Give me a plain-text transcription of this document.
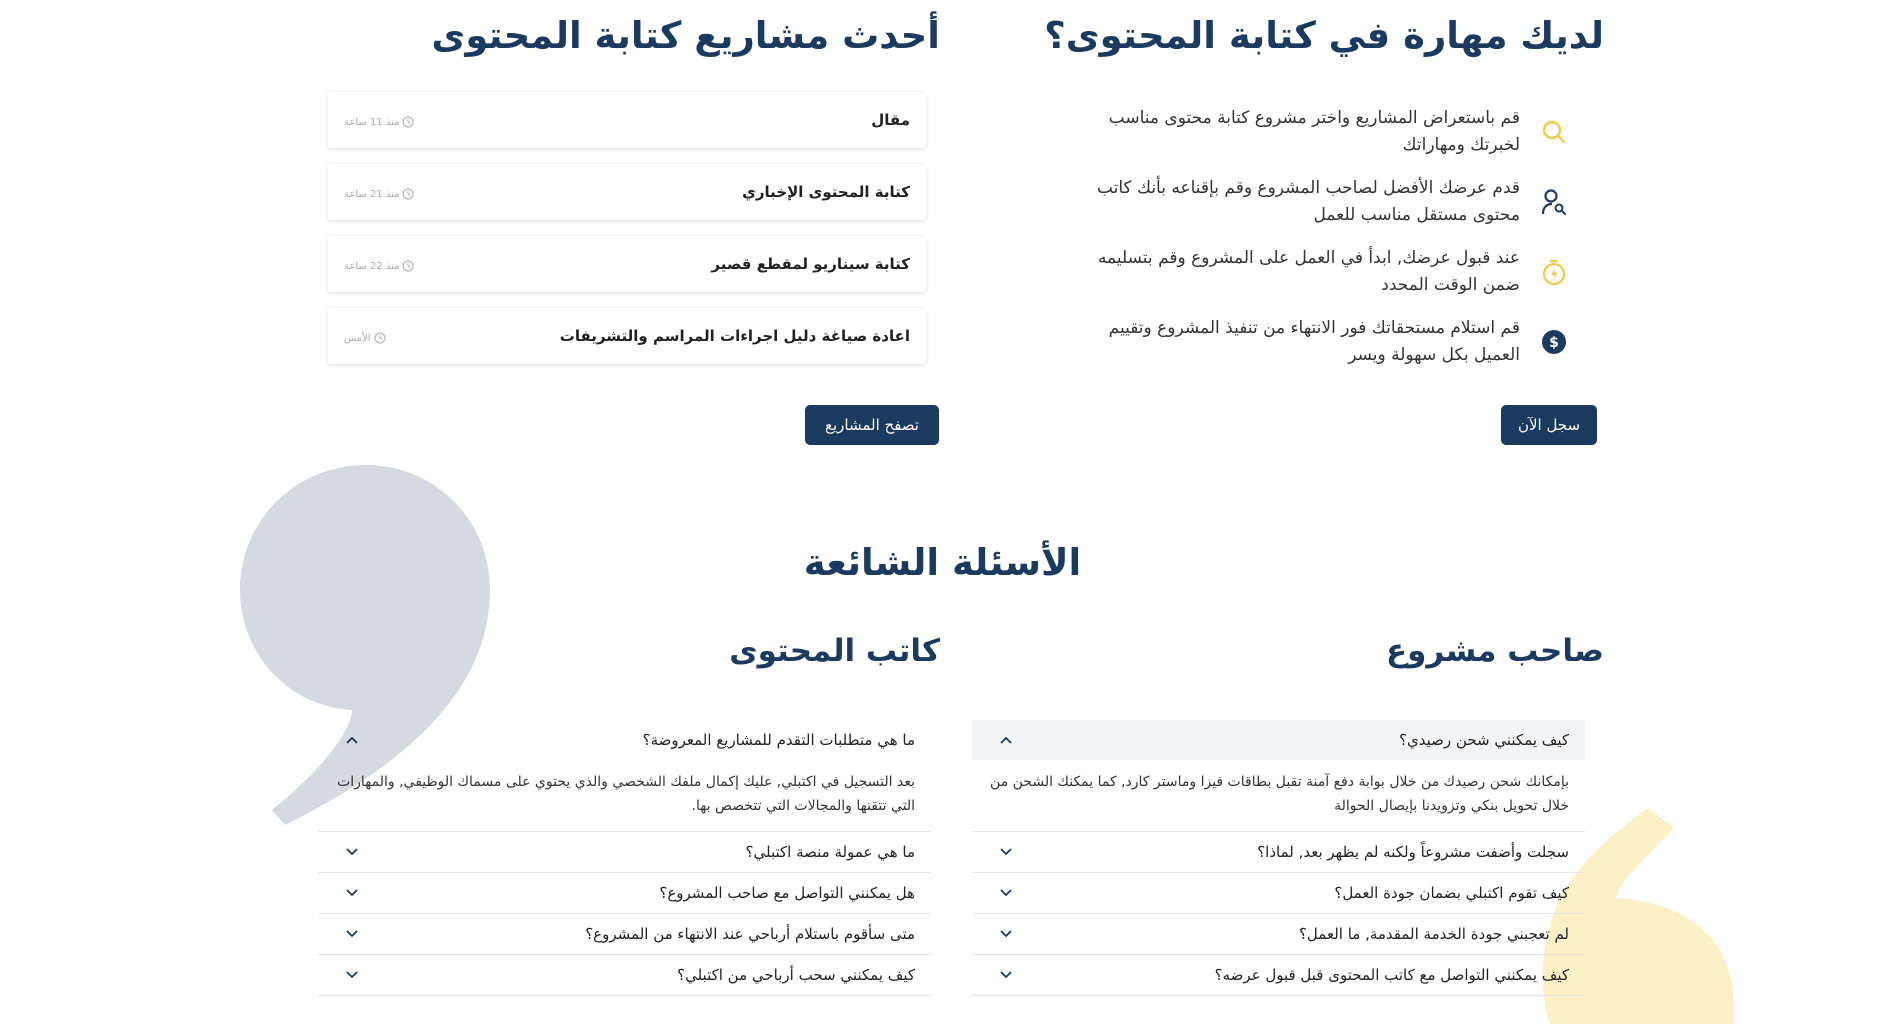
لديك مهارة في كتابة المحتوى؟
قم باستعراض المشاريع واختر مشروع كتابة محتوى مناسب لخبرتك ومهاراتك
قدم عرضك الأفضل لصاحب المشروع وقم بإقناعه بأنك كاتب محتوى مستقل مناسب للعمل
عند قبول عرضك, ابدأ في العمل على المشروع وقم بتسليمه ضمن الوقت المحدد
$
قم استلام مستحقاتك فور الانتهاء من تنفيذ المشروع وتقييم العميل بكل سهولة ويسر
سجل الآن
أحدث مشاريع كتابة المحتوى
مقال
منذ 11 ساعة
كتابة المحتوى الإخباري
منذ 21 ساعة
كتابة سيناريو لمقطع قصير
منذ 22 ساعة
اعادة صياغة دليل اجراءات المراسم والتشريفات
الأمس
تصفح المشاريع
الأسئلة الشائعة
صاحب مشروع
كاتب المحتوى
كيف يمكنني شحن رصيدي؟
بإمكانك شحن رصيدك من خلال بوابة دفع آمنة تقبل بطاقات فيزا وماستر كارد, كما يمكنك الشحن من خلال تحويل بنكي وتزويدنا بإيصال الحوالة
سجلت وأضفت مشروعاً ولكنه لم يظهر بعد, لماذا؟
كيف تقوم اكتبلي بضمان جودة العمل؟
لم تعجبني جودة الخدمة المقدمة, ما العمل؟
كيف يمكنني التواصل مع كاتب المحتوى قبل قبول عرضه؟
ما هي متطلبات التقدم للمشاريع المعروضة؟
بعد التسجيل في اكتبلي, عليك إكمال ملفك الشخصي والذي يحتوي على مسماك الوظيفي, والمهارات التي تتقنها والمجالات التي تتخصص بها.
ما هي عمولة منصة اكتبلي؟
هل يمكنني التواصل مع صاحب المشروع؟
متى سأقوم باستلام أرباحي عند الانتهاء من المشروع؟
كيف يمكنني سحب أرباحي من اكتبلي؟
